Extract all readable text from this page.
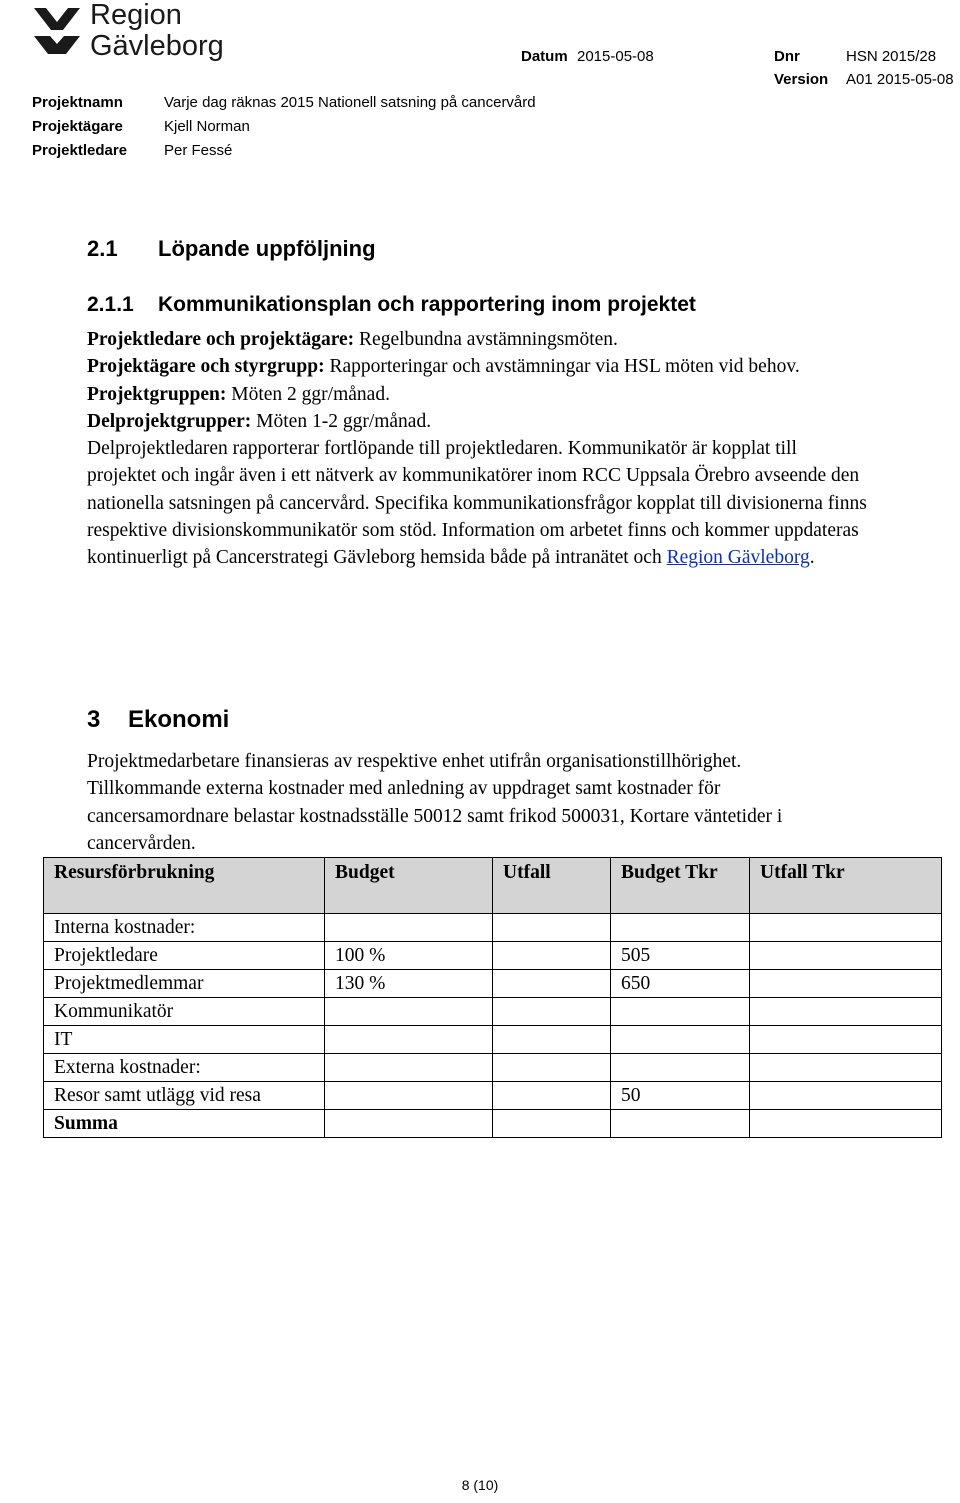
Region
Gävleborg	Datum 2015-05-08	Dnr	HSN 2015/28
Version A01 2015-05-08
Projektnamn	Varje dag räknas 2015 Nationell satsning på cancervård
Projektägare	Kjell Norman
Projektledare Per Fessé
2.1 Löpande uppföljning
2.1.1 Kommunikationsplan och rapportering inom projektet

Projektledare och projektägare: Regelbundna avstämningsmöten.

Projektägare och styrgrupp: Rapporteringar och avstämningar via HSL möten vid behov.

Projektgruppen: Möten 2 ggr/månad.

Delprojektgrupper: Möten 1-2 ggr/månad.

Delprojektledaren rapporterar fortlöpande till projektledaren. Kommunikatör är kopplat till projektet och ingår även i ett nätverk av kommunikatörer inom RCC Uppsala Örebro avseende den nationella satsningen på cancervård. Specifika kommunikationsfrågor kopplat till divisionerna finns respektive divisionskommunikatör som stöd. Information om arbetet finns och kommer uppdateras kontinuerligt på Cancerstrategi Gävleborg hemsida både på intranätet och Region Gävleborg.

3 Ekonomi

Projektmedarbetare finansieras av respektive enhet utifrån organisationstillhörighet. Tillkommande externa kostnader med anledning av uppdraget samt kostnader för cancersamordnare belastar kostnadsställe 50012 samt frikod 500031, Kortare väntetider i cancervården.

Resursförbrukning	Budget	Utfall	Budget Tkr	Utfall Tkr
Interna kostnader:				
Projektledare	100 %		505	
Projektmedlemmar	130 %		650	
Kommunikatör				
IT				
Externa kostnader:				
Resor samt utlägg vid resa			50	
Summa				
8 (10)
